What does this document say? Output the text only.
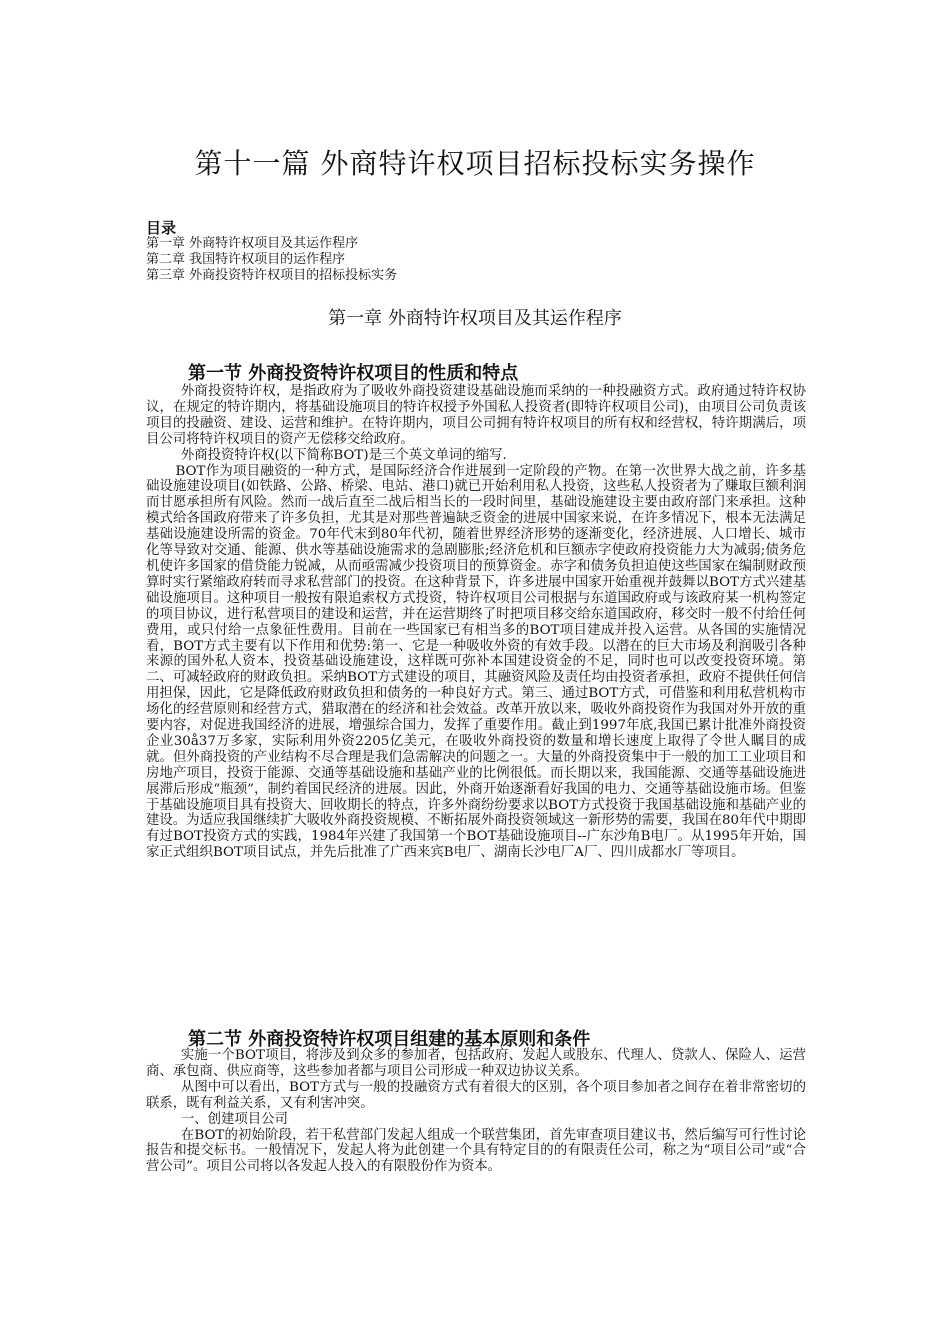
第十一篇 外商特许权项目招标投标实务操作
目录
第一章 外商特许权项目及其运作程序
第二章 我国特许权项目的运作程序
第三章 外商投资特许权项目的招标投标实务
第一章 外商特许权项目及其运作程序
第一节 外商投资特许权项目的性质和特点

外商投资特许权，是指政府为了吸收外商投资建设基础设施而采纳的一种投融资方式。政府通过特许权协议，在规定的特许期内，将基础设施项目的特许权授予外国私人投资者(即特许权项目公司)，由项目公司负责该项目的投融资、建设、运营和维护。在特许期内，项目公司拥有特许权项目的所有权和经营权，特许期满后，项目公司将特许权项目的资产无偿移交给政府。

外商投资特许权(以下简称BOT)是三个英文单词的缩写.

BOT作为项目融资的一种方式，是国际经济合作进展到一定阶段的产物。在第一次世界大战之前，许多基础设施建设项目(如铁路、公路、桥梁、电站、港口)就已开始利用私人投资，这些私人投资者为了赚取巨额利润而甘愿承担所有风险。然而一战后直至二战后相当长的一段时间里，基础设施建设主要由政府部门来承担。这种模式给各国政府带来了许多负担，尤其是对那些普遍缺乏资金的进展中国家来说，在许多情况下，根本无法满足基础设施建设所需的资金。70年代末到80年代初，随着世界经济形势的逐渐变化，经济进展、人口增长、城市化等导致对交通、能源、供水等基础设施需求的急剧膨胀;经济危机和巨额赤字使政府投资能力大为减弱;债务危机使许多国家的借贷能力锐减，从而亟需减少投资项目的预算资金。赤字和债务负担迫使这些国家在编制财政预算时实行紧缩政府转而寻求私营部门的投资。在这种背景下，许多进展中国家开始重视并鼓舞以BOT方式兴建基础设施项目。这种项目一般按有限追索权方式投资，特许权项目公司根据与东道国政府或与该政府某一机构签定的项目协议，进行私营项目的建设和运营，并在运营期终了时把项目移交给东道国政府，移交时一般不付给任何费用，或只付给一点象征性费用。目前在一些国家已有相当多的BOT项目建成并投入运营。从各国的实施情况看，BOT方式主要有以下作用和优势:第一、它是一种吸收外资的有效手段。以潜在的巨大市场及利润吸引各种来源的国外私人资本，投资基础设施建设，这样既可弥补本国建设资金的不足，同时也可以改变投资环境。第二、可减轻政府的财政负担。采纳BOT方式建设的项目，其融资风险及责任均由投资者承担，政府不提供任何信用担保，因此，它是降低政府财政负担和债务的一种良好方式。第三、通过BOT方式，可借鉴和利用私营机构市场化的经营原则和经营方式，猎取潜在的经济和社会效益。改革开放以来，吸收外商投资作为我国对外开放的重要内容，对促进我国经济的进展，增强综合国力，发挥了重要作用。截止到1997年底,我国已累计批准外商投资企业30å37万多家，实际利用外资2205亿美元，在吸收外商投资的数量和增长速度上取得了令世人瞩目的成就。但外商投资的产业结构不尽合理是我们急需解决的问题之一。大量的外商投资集中于一般的加工工业项目和房地产项目，投资于能源、交通等基础设施和基础产业的比例很低。而长期以来，我国能源、交通等基础设施进展滞后形成“瓶颈”，制约着国民经济的进展。因此，外商开始逐渐看好我国的电力、交通等基础设施市场。但鉴于基础设施项目具有投资大、回收期长的特点，许多外商纷纷要求以BOT方式投资于我国基础设施和基础产业的建设。为适应我国继续扩大吸收外商投资规模、不断拓展外商投资领域这一新形势的需要，我国在80年代中期即有过BOT投资方式的实践，1984年兴建了我国第一个BOT基础设施项目--广东沙角B电厂。从1995年开始，国家正式组织BOT项目试点，并先后批准了广西来宾B电厂、湖南长沙电厂A厂、四川成都水厂等项目。

第二节 外商投资特许权项目组建的基本原则和条件

实施一个BOT项目，将涉及到众多的参加者，包括政府、发起人或股东、代理人、贷款人、保险人、运营商、承包商、供应商等，这些参加者都与项目公司形成一种双边协议关系。

从图中可以看出，BOT方式与一般的投融资方式有着很大的区别，各个项目参加者之间存在着非常密切的联系，既有利益关系，又有利害冲突。

一、创建项目公司

在BOT的初始阶段，若干私营部门发起人组成一个联营集团，首先审查项目建议书，然后编写可行性讨论报告和提交标书。一般情况下，发起人将为此创建一个具有特定目的的有限责任公司，称之为“项目公司”或“合营公司”。项目公司将以各发起人投入的有限股份作为资本。
